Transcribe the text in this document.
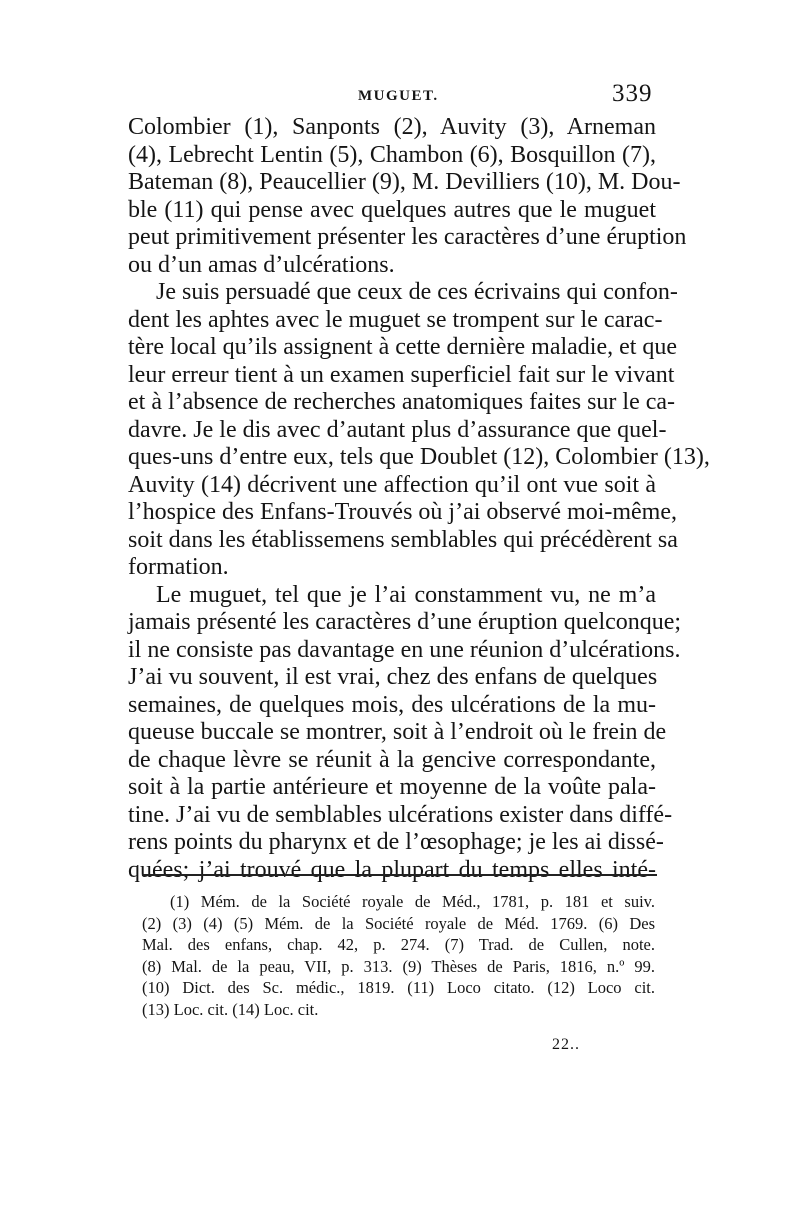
MUGUET.	339
Colombier (1), Sanponts (2), Auvity (3), Arneman
(4), Lebrecht Lentin (5), Chambon (6), Bosquillon (7),
Bateman (8), Peaucellier (9), M. Devilliers (10), M. Dou-
ble (11) qui pense avec quelques autres que le muguet
peut primitivement présenter les caractères d’une éruption
ou d’un amas d’ulcérations.
Je suis persuadé que ceux de ces écrivains qui confon-
dent les aphtes avec le muguet se trompent sur le carac-
tère local qu’ils assignent à cette dernière maladie, et que
leur erreur tient à un examen superficiel fait sur le vivant
et à l’absence de recherches anatomiques faites sur le ca-
davre. Je le dis avec d’autant plus d’assurance que quel-
ques-uns d’entre eux, tels que Doublet (12), Colombier (13),
Auvity (14) décrivent une affection qu’il ont vue soit à
l’hospice des Enfans-Trouvés où j’ai observé moi-même,
soit dans les établissemens semblables qui précédèrent sa
formation.
Le muguet, tel que je l’ai constamment vu, ne m’a
jamais présenté les caractères d’une éruption quelconque;
il ne consiste pas davantage en une réunion d’ulcérations.
J’ai vu souvent, il est vrai, chez des enfans de quelques
semaines, de quelques mois, des ulcérations de la mu-
queuse buccale se montrer, soit à l’endroit où le frein de
de chaque lèvre se réunit à la gencive correspondante,
soit à la partie antérieure et moyenne de la voûte pala-
tine. J’ai vu de semblables ulcérations exister dans diffé-
rens points du pharynx et de l’œsophage; je les ai dissé-
quées; j’ai trouvé que la plupart du temps elles inté-
(1) Mém. de la Société royale de Méd., 1781, p. 181 et suiv.
(2) (3) (4) (5) Mém. de la Société royale de Méd. 1769. (6) Des
Mal. des enfans, chap. 42, p. 274. (7) Trad. de Cullen, note.
(8) Mal. de la peau, VII, p. 313. (9) Thèses de Paris, 1816, n.º 99.
(10) Dict. des Sc. médic., 1819. (11) Loco citato. (12) Loco cit.
(13) Loc. cit. (14) Loc. cit.
22..
